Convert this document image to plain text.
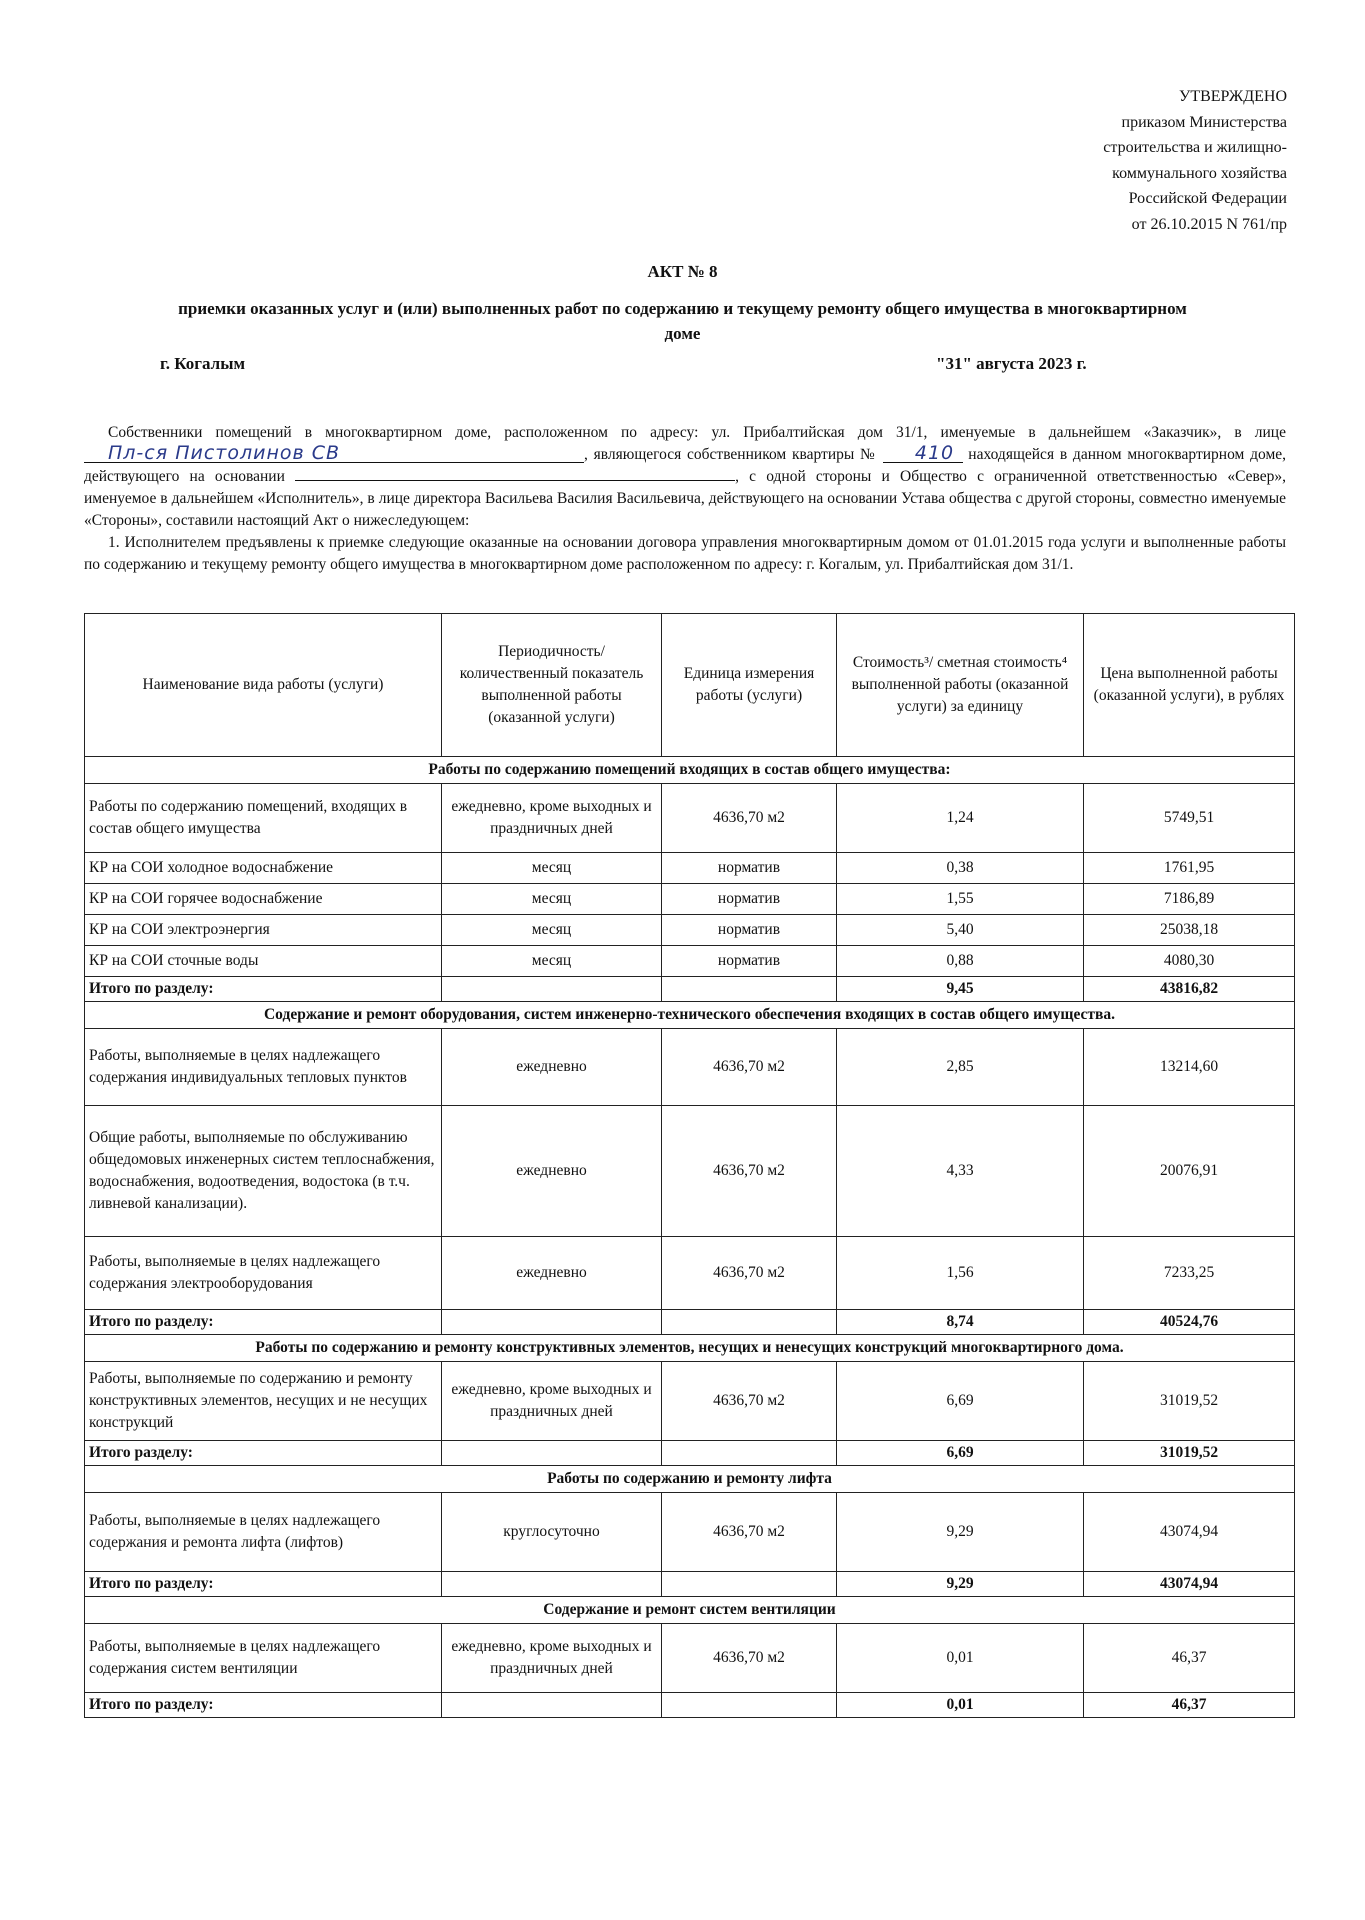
УТВЕРЖДЕНО
приказом Министерства
строительства и жилищно-
коммунального хозяйства
Российской Федерации
от 26.10.2015 N 761/пр
АКТ № 8
приемки оказанных услуг и (или) выполненных работ по содержанию и текущему ремонту общего имущества в многоквартирном доме
г. Когалым	"31" августа 2023 г.

Собственники помещений в многоквартирном доме, расположенном по адресу: ул. Прибалтийская дом 31/1, именуемые в дальнейшем «Заказчик», в лицеПл-ся Пистолинов СВ	, являющегося собственником квартиры № 410 находящейся в данном многоквартирном доме, действующего на основании	, с одной стороны и Общество с ограниченной ответственностью «Север», именуемое в дальнейшем «Исполнитель», в лице директора Васильева Василия Васильевича, действующего на основании Устава общества с другой стороны, совместно именуемые «Стороны», составили настоящий Акт о нижеследующем:

1. Исполнителем предъявлены к приемке следующие оказанные на основании договора управления многоквартирным домом от 01.01.2015 года услуги и выполненные работы по содержанию и текущему ремонту общего имущества в многоквартирном доме расположенном по адресу: г. Когалым, ул. Прибалтийская дом 31/1.

Наименование вида работы (услуги)	Периодичность/ количественный показатель выполненной работы (оказанной услуги)	Единица измерения работы (услуги)	Стоимость³/ сметная стоимость⁴ выполненной работы (оказанной услуги) за единицу	Цена выполненной работы (оказанной услуги), в рублях
Работы по содержанию помещений входящих в состав общего имущества:				
Работы по содержанию помещений, входящих в состав общего имущества	ежедневно, кроме выходных и праздничных дней	4636,70 м2	1,24	5749,51
КР на СОИ холодное водоснабжение	месяц	норматив	0,38	1761,95
КР на СОИ горячее водоснабжение	месяц	норматив	1,55	7186,89
КР на СОИ электроэнергия	месяц	норматив	5,40	25038,18
КР на СОИ сточные воды	месяц	норматив	0,88	4080,30
Итого по разделу:			9,45	43816,82
Содержание и ремонт оборудования, систем инженерно-технического обеспечения входящих в состав общего имущества.				
Работы, выполняемые в целях надлежащего содержания индивидуальных тепловых пунктов	ежедневно	4636,70 м2	2,85	13214,60
Общие работы, выполняемые по обслуживанию общедомовых инженерных систем теплоснабжения, водоснабжения, водоотведения, водостока (в т.ч. ливневой канализации).	ежедневно	4636,70 м2	4,33	20076,91
Работы, выполняемые в целях надлежащего содержания электрооборудования	ежедневно	4636,70 м2	1,56	7233,25
Итого по разделу:			8,74	40524,76
Работы по содержанию и ремонту конструктивных элементов, несущих и ненесущих конструкций многоквартирного дома.				
Работы, выполняемые по содержанию и ремонту конструктивных элементов, несущих и не несущих конструкций	ежедневно, кроме выходных и праздничных дней	4636,70 м2	6,69	31019,52
Итого разделу:			6,69	31019,52
Работы по содержанию и ремонту лифта				
Работы, выполняемые в целях надлежащего содержания и ремонта лифта (лифтов)	круглосуточно	4636,70 м2	9,29	43074,94
Итого по разделу:			9,29	43074,94
Содержание и ремонт систем вентиляции				
Работы, выполняемые в целях надлежащего содержания систем вентиляции	ежедневно, кроме выходных и праздничных дней	4636,70 м2	0,01	46,37
Итого по разделу:			0,01	46,37
